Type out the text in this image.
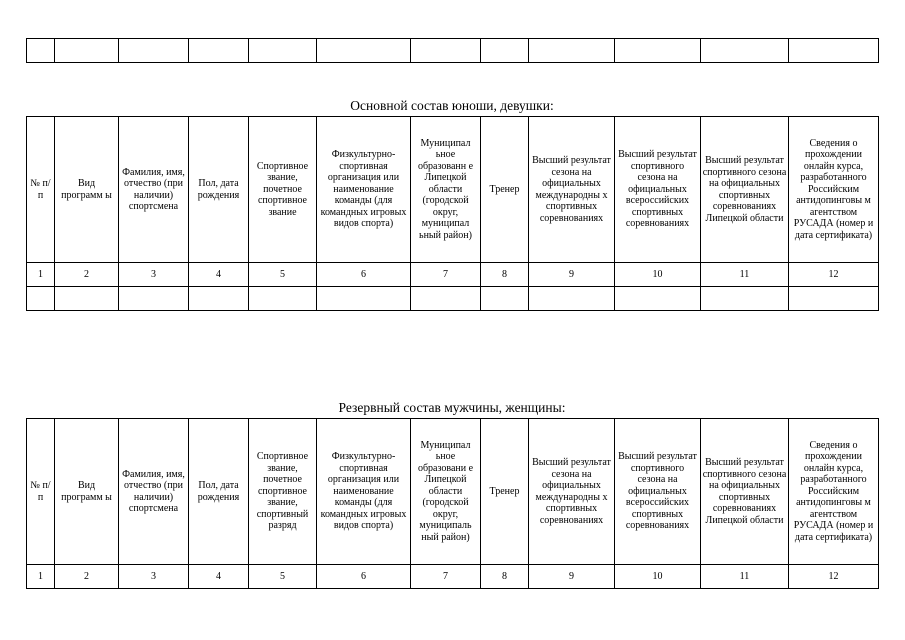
Основной состав юноши, девушки:
№ п/п	Вид программ ы	Фамилия, имя, отчество (при наличии) спортсмена	Пол, дата рождения	Спортивное звание, почетное спортивное звание	Физкультурно-спортивная организация или наименование команды (для командных игровых видов спорта)	Муниципал ьное образованн е Липецкой области (городской округ, муниципал ьный район)	Тренер	Высший результат сезона на официальных международны х спортивных соревнованиях	Высший результат спортивного сезона на официальных всероссийских спортивных соревнованиях	Высший результат спортивного сезона на официальных спортивных соревнованиях Липецкой области	Сведения о прохождении онлайн курса, разработанного Российским антидопинговы м агентством РУСАДА (номер и дата сертификата)
1	2	3	4	5	6	7	8	9	10	11	12

Резервный состав мужчины, женщины:
№ п/п	Вид программ ы	Фамилия, имя, отчество (при наличии) спортсмена	Пол, дата рождения	Спортивное звание, почетное спортивное звание, спортивный разряд	Физкультурно-спортивная организация или наименование команды (для командных игровых видов спорта)	Муниципал ьное образовани е Липецкой области (городской округ, муниципаль ный район)	Тренер	Высший результат сезона на официальных международны х спортивных соревнованиях	Высший результат спортивного сезона на официальных всероссийских спортивных соревнованиях	Высший результат спортивного сезона на официальных спортивных соревнованиях Липецкой области	Сведения о прохождении онлайн курса, разработанного Российским антидопинговы м агентством РУСАДА (номер и дата сертификата)
1	2	3	4	5	6	7	8	9	10	11	12
